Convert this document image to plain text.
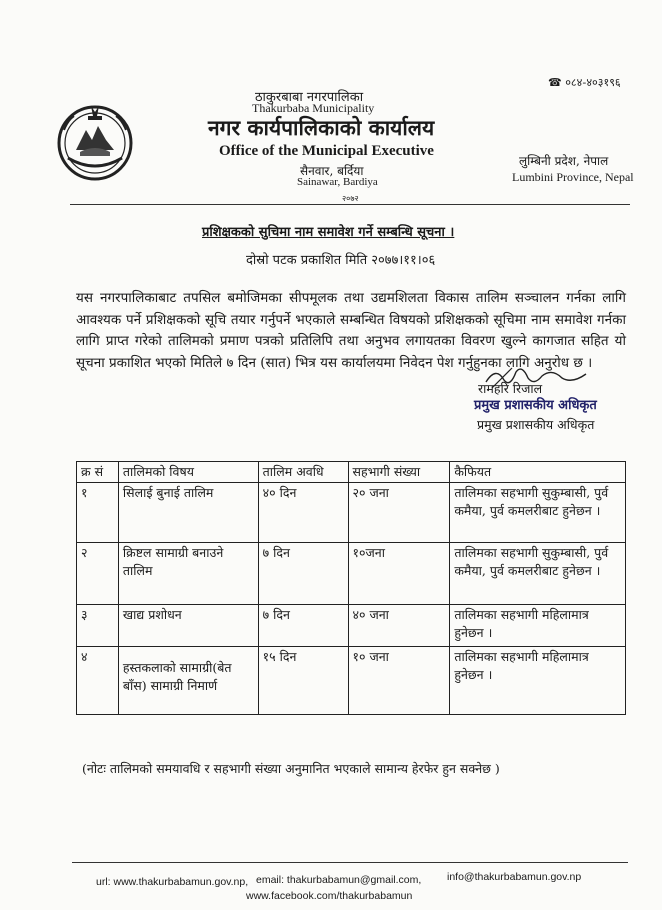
☎ ०८४-४०३१९६
ठाकुरबाबा नगरपालिका
Thakurbaba Municipality
नगर कार्यपालिकाको कार्यालय
Office of the Municipal Executive
सैनवार, बर्दिया
Sainawar, Bardiya
२०७२
लुम्बिनी प्रदेश, नेपाल
Lumbini Province, Nepal
प्रशिक्षकको सुचिमा नाम समावेश गर्ने सम्बन्धि सूचना ।
दोस्रो पटक प्रकाशित मिति २०७७।११।०६
यस नगरपालिकाबाट तपसिल बमोजिमका सीपमूलक तथा उद्यमशिलता विकास तालिम सञ्चालन गर्नका लागि आवश्यक पर्ने प्रशिक्षकको सूचि तयार गर्नुपर्ने भएकाले सम्बन्धित विषयको प्रशिक्षकको सूचिमा नाम समावेश गर्नका लागि प्राप्त गरेको तालिमको प्रमाण पत्रको प्रतिलिपि तथा अनुभव लगायतका विवरण खुल्ने कागजात सहित यो सूचना प्रकाशित भएको मितिले ७ दिन (सात) भित्र यस कार्यालयमा निवेदन पेश गर्नुहुनका लागि अनुरोध छ ।
रामहरि रिजाल
प्रमुख प्रशासकीय अधिकृत
प्रमुख प्रशासकीय अधिकृत
क्र सं	तालिमको विषय	तालिम अवधि	सहभागी संख्या	कैफियत
१	सिलाई बुनाई तालिम	४० दिन	२० जना	तालिमका सहभागी सुकुम्बासी, पुर्व कमैया, पुर्व कमलरीबाट हुनेछन ।
२	क्रिष्टल सामाग्री बनाउने तालिम	७ दिन	१०जना	तालिमका सहभागी सुकुम्बासी, पुर्व कमैया, पुर्व कमलरीबाट हुनेछन ।
३	खाद्य प्रशोधन	७ दिन	४० जना	तालिमका सहभागी महिलामात्र हुनेछन ।
४	हस्तकलाको सामाग्री(बेत बाँस) सामाग्री निमार्ण	१५ दिन	१० जना	तालिमका सहभागी महिलामात्र हुनेछन ।
(नोटः तालिमको समयावधि र सहभागी संख्या अनुमानित भएकाले सामान्य हेरफेर हुन सक्नेछ )
url: www.thakurbabamun.gov.np, email: thakurbabamun@gmail.com, info@thakurbabamun.gov.np
www.facebook.com/thakurbabamun
